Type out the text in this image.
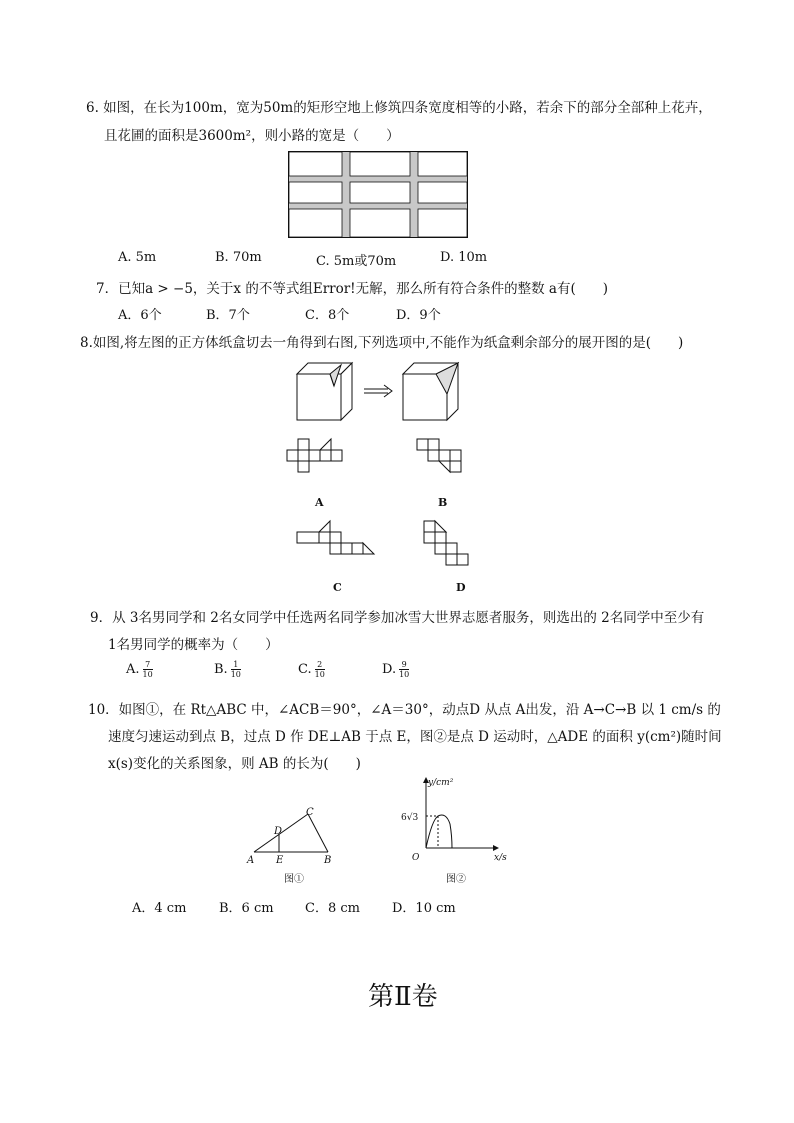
6. 如图，在长为100m，宽为50m的矩形空地上修筑四条宽度相等的小路，若余下的部分全部种上花卉，
且花圃的面积是3600m²，则小路的宽是（　　）
A. 5m	B. 70m	C. 5m或70m	D. 10m
7．已知a > −5，关于x 的不等式组Error!无解，那么所有符合条件的整数 a有(　　)
A．6个	B．7个	C．8个	D．9个
8.如图,将左图的正方体纸盒切去一角得到右图,下列选项中,不能作为纸盒剩余部分的展开图的是(　　)
A	B
C	D
9．从 3名男同学和 2名女同学中任选两名同学参加冰雪大世界志愿者服务，则选出的 2名同学中至少有
1名男同学的概率为（　　）
A. $\frac{7}{10}$	B. $\frac{1}{10}$	C. $\frac{2}{10}$	D. $\frac{9}{10}$
10．如图①，在 Rt△ABC 中，∠ACB＝90°，∠A＝30°，动点D 从点 A出发，沿 A→C→B 以 1 cm/s 的
速度匀速运动到点 B，过点 D 作 DE⊥AB 于点 E，图②是点 D 运动时，△ADE 的面积 y(cm²)随时间
x(s)变化的关系图象，则 AB 的长为(　　)
A	B
C
D
E
图①
y/cm²
x/s
6√3
O
图②
A．4 cm	B．6 cm C．8 cm D．10 cm
第Ⅱ卷
